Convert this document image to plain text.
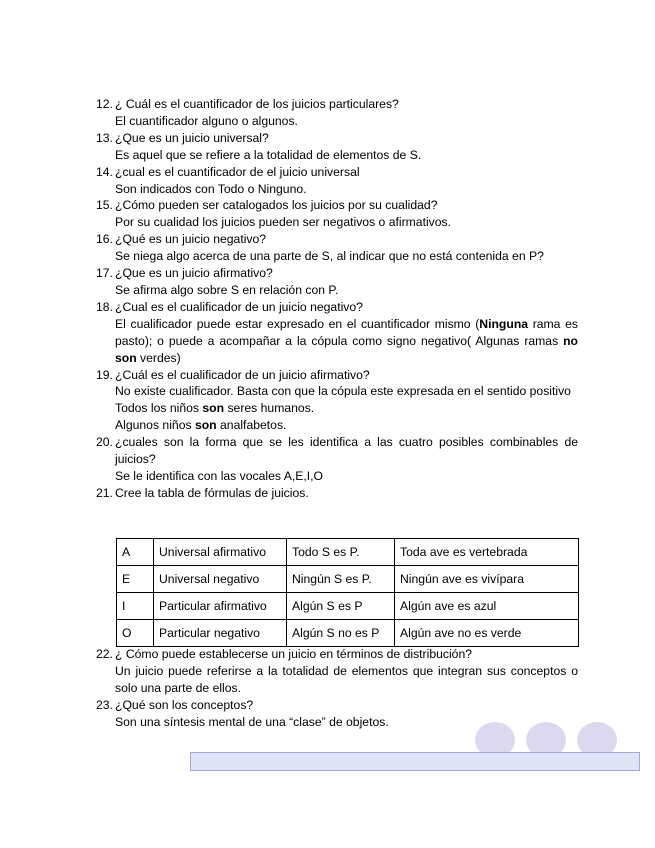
12. ¿ Cuál es el cuantificador de los juicios particulares?
El cuantificador alguno o algunos.
13. ¿Que es un juicio universal?
Es aquel que se refiere a la totalidad de elementos de S.
14. ¿cual es el cuantificador de el juicio universal
Son indicados con Todo o Ninguno.
15. ¿Cómo pueden ser catalogados los juicios por su cualidad?
Por su cualidad los juicios pueden ser negativos o afirmativos.
16. ¿Qué es un juicio negativo?
Se niega algo acerca de una parte de S, al indicar que no está contenida en P?
17. ¿Que es un juicio afirmativo?
Se afirma algo sobre S en relación con P.
18. ¿Cual es el cualificador de un juicio negativo?
El cualificador puede estar expresado en el cuantificador mismo (Ninguna rama es pasto); o puede a acompañar a la cópula como signo negativo( Algunas ramas no son verdes)
19. ¿Cuál es el cualificador de un juicio afirmativo?
No existe cualificador. Basta con que la cópula este expresada en el sentido positivo
Todos los niños son seres humanos.
Algunos niños son analfabetos.
20. ¿cuales son la forma que se les identifica a las cuatro posibles combinables de juicios?
Se le identifica con las vocales A,E,I,O
21. Cree la tabla de fórmulas de juicios.
A	Universal afirmativo	Todo S es P.	Toda ave es vertebrada
E	Universal negativo	Ningún S es P.	Ningún ave es vivípara
I	Particular afirmativo	Algún S es P	Algún ave es azul
O	Particular negativo	Algún S no es P	Algún ave no es verde
22. ¿ Cómo puede establecerse un juicio en términos de distribución?
Un juicio puede referirse a la totalidad de elementos que integran sus conceptos o solo una parte de ellos.
23. ¿Qué son los conceptos?
Son una síntesis mental de una “clase” de objetos.
